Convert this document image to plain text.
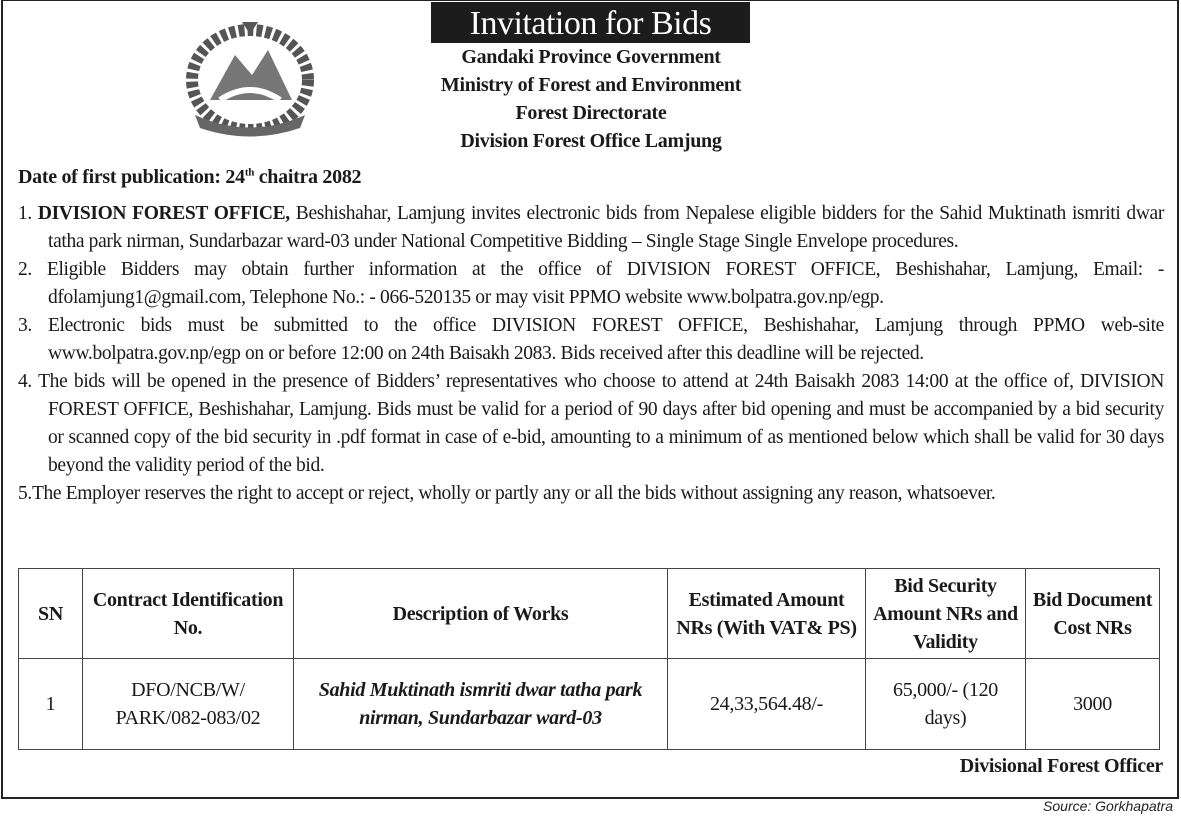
Invitation for Bids
Gandaki Province Government
Ministry of Forest and Environment
Forest Directorate
Division Forest Office Lamjung
Date of first publication: 24th chaitra 2082
1. DIVISION FOREST OFFICE, Beshishahar, Lamjung invites electronic bids from Nepalese eligible bidders for the Sahid Muktinath ismriti dwar tatha park nirman, Sundarbazar ward-03 under National Competitive Bidding – Single Stage Single Envelope procedures.
2. Eligible Bidders may obtain further information at the office of DIVISION FOREST OFFICE, Beshishahar, Lamjung, Email: - dfolamjung1@gmail.com, Telephone No.: - 066-520135 or may visit PPMO website www.bolpatra.gov.np/egp.
3. Electronic bids must be submitted to the office DIVISION FOREST OFFICE, Beshishahar, Lamjung through PPMO web-site www.bolpatra.gov.np/egp on or before 12:00 on 24th Baisakh 2083. Bids received after this deadline will be rejected.
4. The bids will be opened in the presence of Bidders’ representatives who choose to attend at 24th Baisakh 2083 14:00 at the office of, DIVISION FOREST OFFICE, Beshishahar, Lamjung. Bids must be valid for a period of 90 days after bid opening and must be accompanied by a bid security or scanned copy of the bid security in .pdf format in case of e-bid, amounting to a minimum of as mentioned below which shall be valid for 30 days beyond the validity period of the bid.
5.The Employer reserves the right to accept or reject, wholly or partly any or all the bids without assigning any reason, whatsoever.
SN	Contract Identification No.	Description of Works	Estimated Amount NRs (With VAT& PS)	Bid Security Amount NRs and Validity	Bid Document Cost NRs
1	DFO/NCB/W/ PARK/082-083/02	Sahid Muktinath ismriti dwar tatha park nirman, Sundarbazar ward-03	24,33,564.48/-	65,000/- (120 days)	3000
Divisional Forest Officer
Source: Gorkhapatra
